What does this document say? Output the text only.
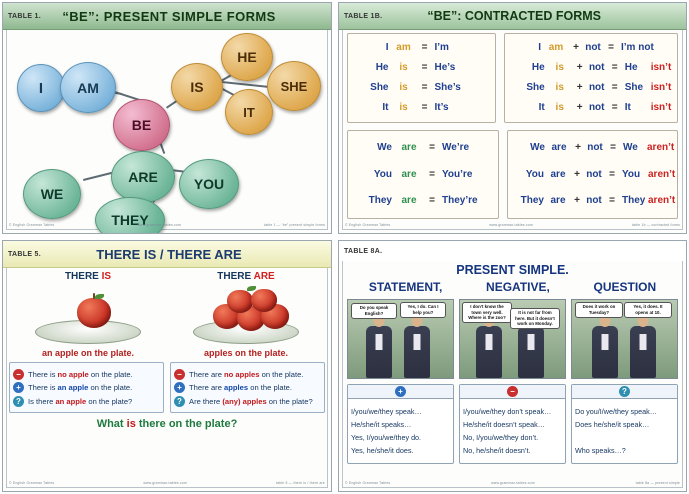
TABLE 1.	“BE”: PRESENT SIMPLE FORMS
I AM
BE
IS
HE
SHE
IT
ARE
WE
YOU
THEY
© English Grammar Tables	www.grammar-tables.com	table 1 — “be” present simple forms
TABLE 1B.	“BE”: CONTRACTED FORMS
I am	= I’m
He	is	= He’s
She	is	= She’s
It	is	= It’s
I am + not = I’m not
He	is	+ not = He	isn’t
She	is	+ not = She isn’t
It	is	+ not = It	isn’t
We are	= We’re
You are	= You’re
They are	= They’re
We are + not = We aren’t
You are + not = You aren’t
They are + not = They aren’t
© English Grammar Tables	www.grammar-tables.com	table 1b — contracted forms
TABLE 5.	THERE IS / THERE ARE
THERE IS	THERE ARE
an apple on the plate.	apples on the plate.
− There is no apple on the plate.
+ There is an apple on the plate.
? Is there an apple on the plate?
− There are no apples on the plate.
+ There are apples on the plate.
? Are there (any) apples on the plate?
What is there on the plate?
© English Grammar Tables	www.grammar-tables.com	table 5 — there is / there are
TABLE 8A.
PRESENT SIMPLE.
STATEMENT,	NEGATIVE,	QUESTION
Do you speak English?
Yes, I do. Can I help you?
I don’t know the town very well. Where is the zoo?
It is not far from here. But it doesn’t work on Monday.
Does it work on Tuesday?
Yes, it does. It opens at 10.
+
I/you/we/they speak…
He/she/it speaks…
Yes, I/you/we/they do.
Yes, he/she/it does.
−
I/you/we/they don’t speak…
He/she/it doesn’t speak…
No, I/you/we/they don’t.
No, he/she/it doesn’t.
?
Do you/I/we/they speak…
Does he/she/it speak…
Who speaks…?
© English Grammar Tables	www.grammar-tables.com	table 8a — present simple
